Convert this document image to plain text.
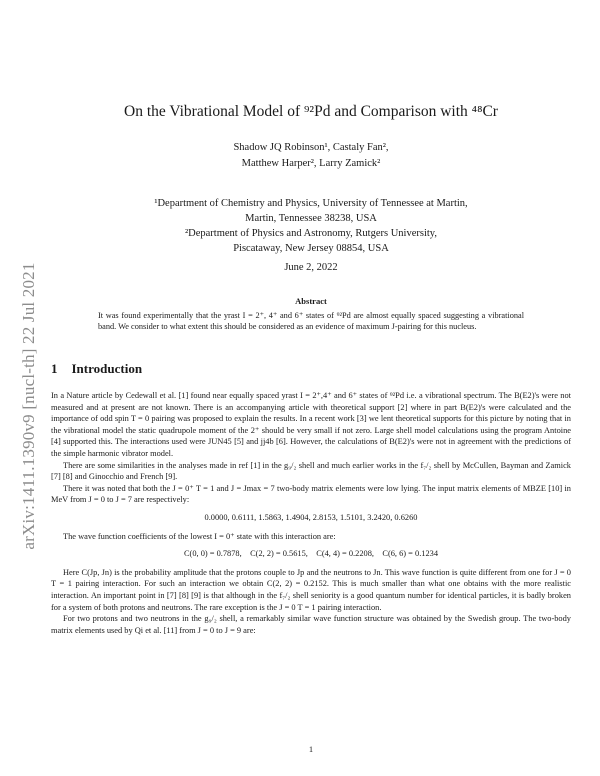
arXiv:1411.1390v9 [nucl-th] 22 Jul 2021
On the Vibrational Model of ⁹²Pd and Comparison with ⁴⁸Cr
Shadow JQ Robinson¹, Castaly Fan²,
Matthew Harper², Larry Zamick²
¹Department of Chemistry and Physics, University of Tennessee at Martin,
Martin, Tennessee 38238, USA
²Department of Physics and Astronomy, Rutgers University,
Piscataway, New Jersey 08854, USA
June 2, 2022
Abstract
It was found experimentally that the yrast I = 2⁺, 4⁺ and 6⁺ states of ⁹²Pd are almost equally spaced suggesting a vibrational band. We consider to what extent this should be considered as an evidence of maximum J-pairing for this nucleus.
1 Introduction

In a Nature article by Cedewall et al. [1] found near equally spaced yrast I = 2⁺,4⁺ and 6⁺ states of ⁹²Pd i.e. a vibrational spectrum. The B(E2)'s were not measured and at present are not known. There is an accompanying article with theoretical support [2] where in part B(E2)'s were calculated and the importance of odd spin T = 0 pairing was proposed to explain the results. In a recent work [3] we lent theoretical supports for this picture by noting that in the vibrational model the static quadrupole moment of the 2⁺ should be very small if not zero. Large shell model calculations using the program Antoine [4] supported this. The interactions used were JUN45 [5] and jj4b [6]. However, the calculations of B(E2)'s were not in agreement with the predictions of the simple harmonic vibrator model.

There are some similarities in the analyses made in ref [1] in the g₉/₂ shell and much earlier works in the f₇/₂ shell by McCullen, Bayman and Zamick [7] [8] and Ginocchio and French [9].

There it was noted that both the J = 0⁺ T = 1 and J = Jmax = 7 two-body matrix elements were low lying. The input matrix elements of MBZE [10] in MeV from J = 0 to J = 7 are respectively:

0.0000, 0.6111, 1.5863, 1.4904, 2.8153, 1.5101, 3.2420, 0.6260

The wave function coefficients of the lowest I = 0⁺ state with this interaction are:

C(0, 0) = 0.7878,    C(2, 2) = 0.5615,    C(4, 4) = 0.2208,    C(6, 6) = 0.1234

Here C(Jp, Jn) is the probability amplitude that the protons couple to Jp and the neutrons to Jn. This wave function is quite different from one for J = 0 T = 1 pairing interaction. For such an interaction we obtain C(2, 2) = 0.2152. This is much smaller than what one obtains with the more realistic interaction. An important point in [7] [8] [9] is that although in the f₇/₂ shell seniority is a good quantum number for identical particles, it is badly broken for a system of both protons and neutrons. The rare exception is the J = 0 T = 1 pairing interaction.

For two protons and two neutrons in the g₉/₂ shell, a remarkably similar wave function structure was obtained by the Swedish group. The two-body matrix elements used by Qi et al. [11] from J = 0 to J = 9 are:

1
